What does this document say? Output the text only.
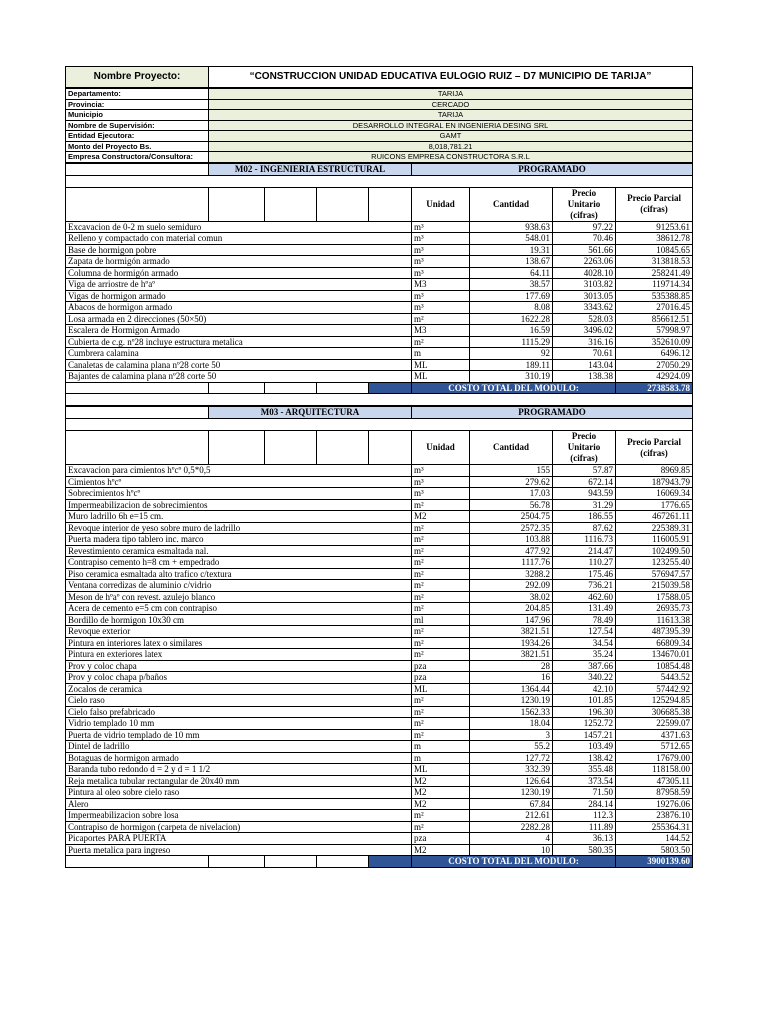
Nombre Proyecto:	“CONSTRUCCION UNIDAD EDUCATIVA EULOGIO RUIZ – D7 MUNICIPIO DE TARIJA”
Departamento:	TARIJA
Provincia:	CERCADO
Municipio	TARIJA
Nombre de Supervisión:	DESARROLLO INTEGRAL EN INGENIERIA DESING SRL
Entidad Ejecutora:	GAMT
Monto del Proyecto Bs.	8,018,781.21
Empresa Constructora/Consultora:	RUICONS EMPRESA CONSTRUCTORA S.R.L
	M02 - INGENIERIA ESTRUCTURAL				PROGRAMADO			

					Unidad	Cantidad	Precio Unitario (cifras)	Precio Parcial (cifras)
Excavacion de 0-2 m suelo semiduro					m³	938.63	97.22	91253.61
Relleno y compactado con material comun					m³	548.01	70.46	38612.78
Base de hormigon pobre					m³	19.31	561.66	10845.65
Zapata de hormigón armado					m³	138.67	2263.06	313818.53
Columna de hormigón armado					m³	64.11	4028.10	258241.49
Viga de arriostre de hºaº					M3	38.57	3103.82	119714.34
Vigas de hormigon armado					m³	177.69	3013.05	535388.85
Abacos de hormigon armado					m³	8.08	3343.62	27016.45
Losa armada en 2 direcciones (50×50)					m²	1622.28	528.03	856612.51
Escalera de Hormigon Armado					M3	16.59	3496.02	57998.97
Cubierta de c.g. nº28 incluye estructura metalica					m²	1115.29	316.16	352610.09
Cumbrera calamina					m	92	70.61	6496.12
Canaletas de calamina plana nº28 corte 50					ML	189.11	143.04	27050.29
Bajantes de calamina plana nº28 corte 50					ML	310.19	138.38	42924.09
					COSTO TOTAL DEL MODULO:			2738583.78

	M03 - ARQUITECTURA				PROGRAMADO			

					Unidad	Cantidad	Precio Unitario (cifras)	Precio Parcial (cifras)
Excavacion para cimientos hºcº 0,5*0,5					m³	155	57.87	8969.85
Cimientos hºcº					m³	279.62	672.14	187943.79
Sobrecimientos hºcº					m³	17.03	943.59	16069.34
Impermeabilizacion de sobrecimientos					m²	56.78	31.29	1776.65
Muro ladrillo 6h e=15 cm.					M2	2504.75	186.55	467261.11
Revoque interior de yeso sobre muro de ladrillo					m²	2572.35	87.62	225389.31
Puerta madera tipo tablero inc. marco					m²	103.88	1116.73	116005.91
Revestimiento ceramica esmaltada nal.					m²	477.92	214.47	102499.50
Contrapiso cemento h=8 cm + empedrado					m²	1117.76	110.27	123255.40
Piso ceramica esmaltada alto trafico c/textura					m²	3288.2	175.46	576947.57
Ventana corredizas de aluminio c/vidrio					m²	292.09	736.21	215039.58
Meson de hºaº con revest. azulejo blanco					m²	38.02	462.60	17588.05
Acera de cemento e=5 cm con contrapiso					m²	204.85	131.49	26935.73
Bordillo de hormigon 10x30 cm					ml	147.96	78.49	11613.38
Revoque exterior					m²	3821.51	127.54	487395.39
Pintura en interiores latex o similares					m²	1934.26	34.54	66809.34
Pintura en exteriores latex					m²	3821.51	35.24	134670.01
Prov y coloc chapa					pza	28	387.66	10854.48
Prov y coloc chapa p/baños					pza	16	340.22	5443.52
Zocalos de ceramica					ML	1364.44	42.10	57442.92
Cielo raso					m²	1230.19	101.85	125294.85
Cielo falso prefabricado					m²	1562.33	196.30	306685.38
Vidrio templado 10 mm					m²	18.04	1252.72	22599.07
Puerta de vidrio templado de 10 mm					m²	3	1457.21	4371.63
Dintel de ladrillo					m	55.2	103.49	5712.65
Botaguas de hormigon armado					m	127.72	138.42	17679.00
Baranda tubo redondo d = 2 y d = 1 1/2					ML	332.39	355.48	118158.00
Reja metalica tubular rectangular de 20x40 mm					M2	126.64	373.54	47305.11
Pintura al oleo sobre cielo raso					M2	1230.19	71.50	87958.59
Alero					M2	67.84	284.14	19276.06
Impermeabilizacion sobre losa					m²	212.61	112.3	23876.10
Contrapiso de hormigon (carpeta de nivelacion)					m²	2282.28	111.89	255364.31
Picaportes PARA PUERTA					pza	4	36.13	144.52
Puerta metalica para ingreso					M2	10	580.35	5803.50
					COSTO TOTAL DEL MODULO:			3900139.60
